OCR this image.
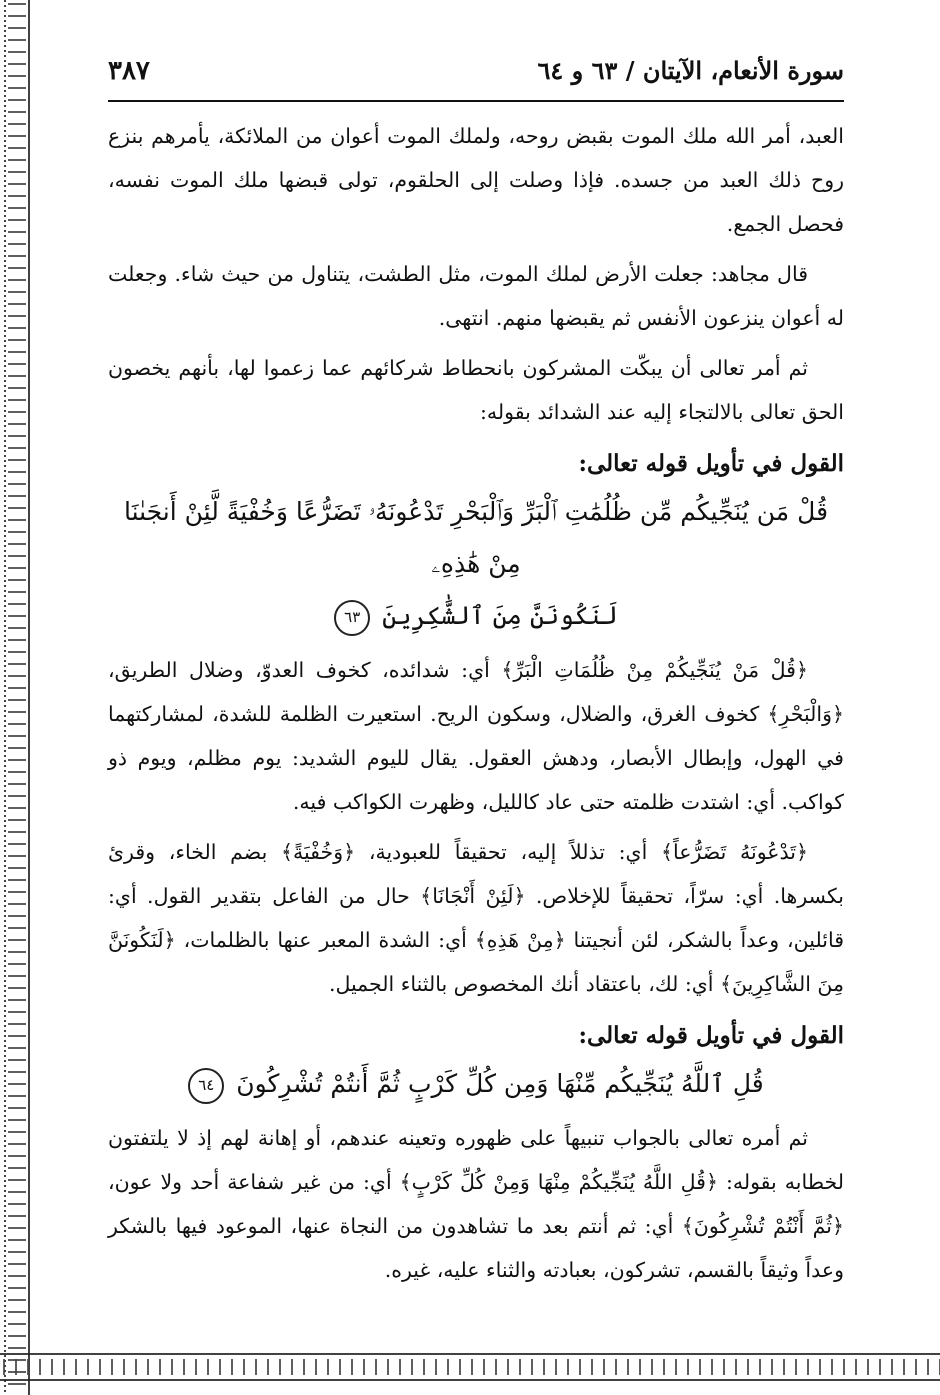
سورة الأنعام، الآيتان / ٦٣ و ٦٤
٣٨٧

العبد، أمر الله ملك الموت بقبض روحه، ولملك الموت أعوان من الملائكة، يأمرهم بنزع روح ذلك العبد من جسده. فإذا وصلت إلى الحلقوم، تولى قبضها ملك الموت نفسه، فحصل الجمع.

قال مجاهد: جعلت الأرض لملك الموت، مثل الطشت، يتناول من حيث شاء. وجعلت له أعوان ينزعون الأنفس ثم يقبضها منهم. انتهى.

ثم أمر تعالى أن يبكّت المشركون بانحطاط شركائهم عما زعموا لها، بأنهم يخصون الحق تعالى بالالتجاء إليه عند الشدائد بقوله:

القول في تأويل قوله تعالى:

قُلْ مَن يُنَجِّيكُم مِّن ظُلُمَٰتِ ٱلْبَرِّ وَٱلْبَحْرِ تَدْعُونَهُۥ تَضَرُّعًا وَخُفْيَةً لَّئِنْ أَنجَىٰنَا مِنْ هَٰذِهِۦ

لَنَكُونَنَّ مِنَ ٱلشَّٰكِرِينَ ٦٣

﴿قُلْ مَنْ يُنَجِّيكُمْ مِنْ ظُلُمَاتِ الْبَرِّ﴾ أي: شدائده، كخوف العدوّ، وضلال الطريق، ﴿وَالْبَحْرِ﴾ كخوف الغرق، والضلال، وسكون الريح. استعيرت الظلمة للشدة، لمشاركتهما في الهول، وإبطال الأبصار، ودهش العقول. يقال لليوم الشديد: يوم مظلم، ويوم ذو كواكب. أي: اشتدت ظلمته حتى عاد كالليل، وظهرت الكواكب فيه.

﴿تَدْعُونَهُ تَضَرُّعاً﴾ أي: تذللاً إليه، تحقيقاً للعبودية، ﴿وَخُفْيَةً﴾ بضم الخاء، وقرئ بكسرها. أي: سرّاً، تحقيقاً للإخلاص. ﴿لَئِنْ أَنْجَانَا﴾ حال من الفاعل بتقدير القول. أي: قائلين، وعداً بالشكر، لئن أنجيتنا ﴿مِنْ هَذِهِ﴾ أي: الشدة المعبر عنها بالظلمات، ﴿لَنَكُونَنَّ مِنَ الشَّاكِرِينَ﴾ أي: لك، باعتقاد أنك المخصوص بالثناء الجميل.

القول في تأويل قوله تعالى:

قُلِ ٱللَّهُ يُنَجِّيكُم مِّنْهَا وَمِن كُلِّ كَرْبٍ ثُمَّ أَنتُمْ تُشْرِكُونَ ٦٤

ثم أمره تعالى بالجواب تنبيهاً على ظهوره وتعينه عندهم، أو إهانة لهم إذ لا يلتفتون لخطابه بقوله: ﴿قُلِ اللَّهُ يُنَجِّيكُمْ مِنْهَا وَمِنْ كُلِّ كَرْبٍ﴾ أي: من غير شفاعة أحد ولا عون، ﴿ثُمَّ أَنْتُمْ تُشْرِكُونَ﴾ أي: ثم أنتم بعد ما تشاهدون من النجاة عنها، الموعود فيها بالشكر وعداً وثيقاً بالقسم، تشركون، بعبادته والثناء عليه، غيره.
